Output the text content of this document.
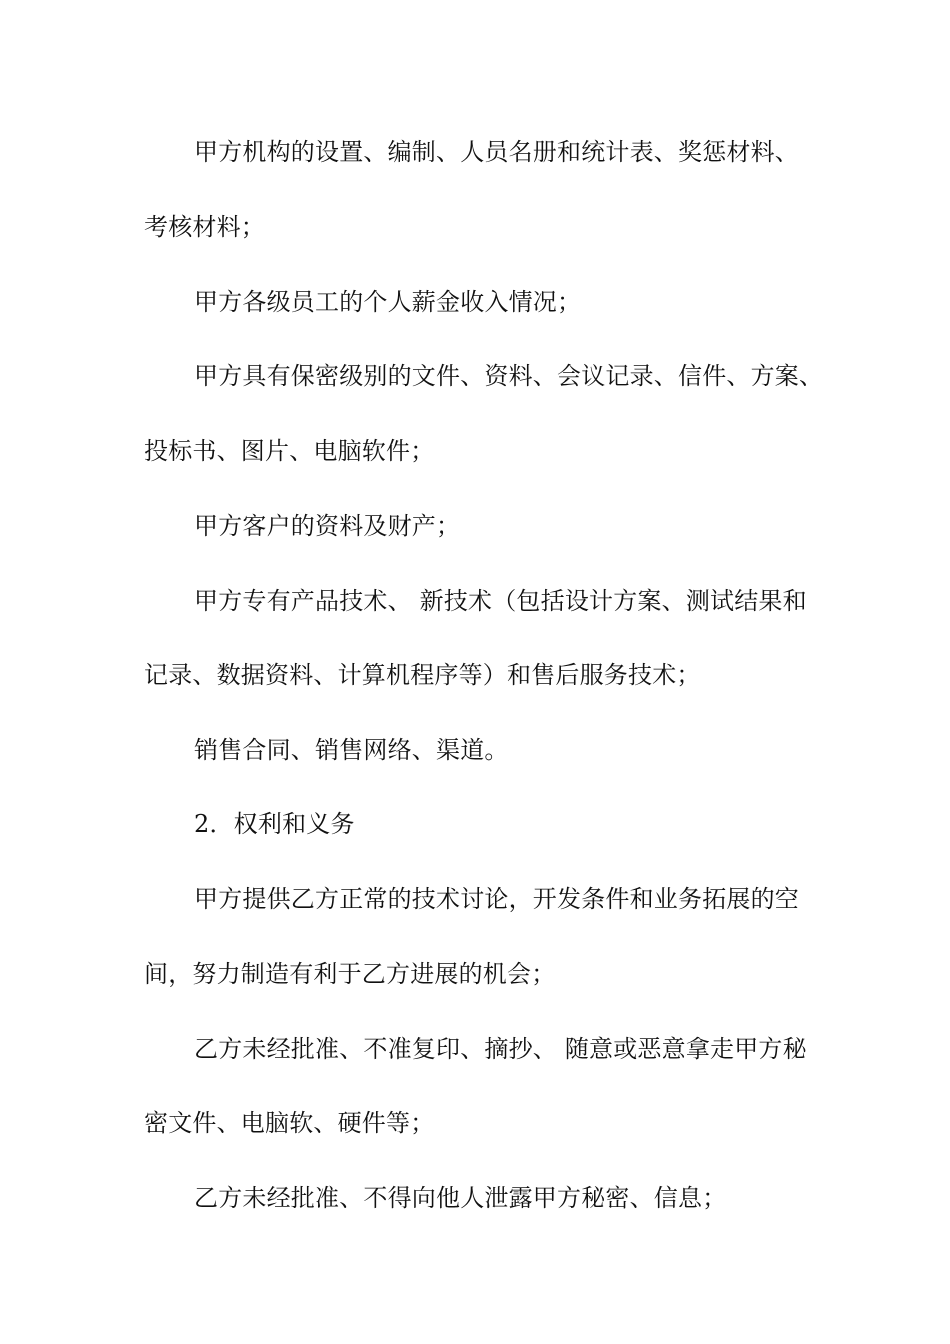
甲方机构的设置、编制、人员名册和统计表、奖惩材料、
考核材料；
甲方各级员工的个人薪金收入情况；
甲方具有保密级别的文件、资料、会议记录、信件、方案、
投标书、图片、电脑软件；
甲方客户的资料及财产；
甲方专有产品技术、 新技术（包括设计方案、测试结果和
记录、数据资料、计算机程序等）和售后服务技术；
销售合同、销售网络、渠道。
2．权利和义务
甲方提供乙方正常的技术讨论，开发条件和业务拓展的空
间，努力制造有利于乙方进展的机会；
乙方未经批准、不准复印、摘抄、 随意或恶意拿走甲方秘
密文件、电脑软、硬件等；
乙方未经批准、不得向他人泄露甲方秘密、信息；
